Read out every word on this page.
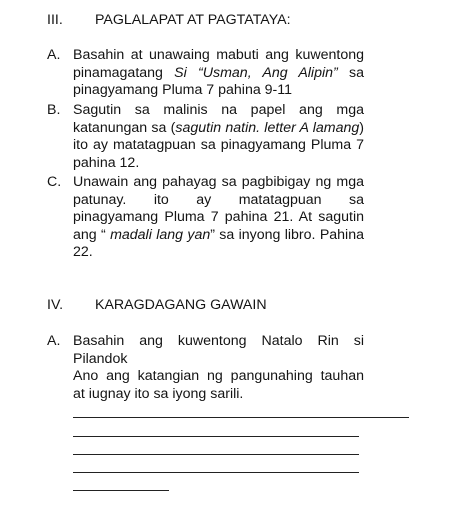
III. PAGLALAPAT AT PAGTATAYA:
A. Basahin at unawaing mabuti ang kuwentong
pinamagatang Si “Usman, Ang Alipin” sa
pinagyamang Pluma 7 pahina 9-11
B. Sagutin sa malinis na papel ang mga
katanungan sa (sagutin natin. letter A lamang)
ito ay matatagpuan sa pinagyamang Pluma 7
pahina 12.
C. Unawain ang pahayag sa pagbibigay ng mga
patunay. ito ay matatagpuan sa
pinagyamang Pluma 7 pahina 21. At sagutin
ang “ madali lang yan” sa inyong libro. Pahina
22.
IV. KARAGDAGANG GAWAIN
A. Basahin ang kuwentong Natalo Rin si
Pilandok
Ano ang katangian ng pangunahing tauhan
at iugnay ito sa iyong sarili.
